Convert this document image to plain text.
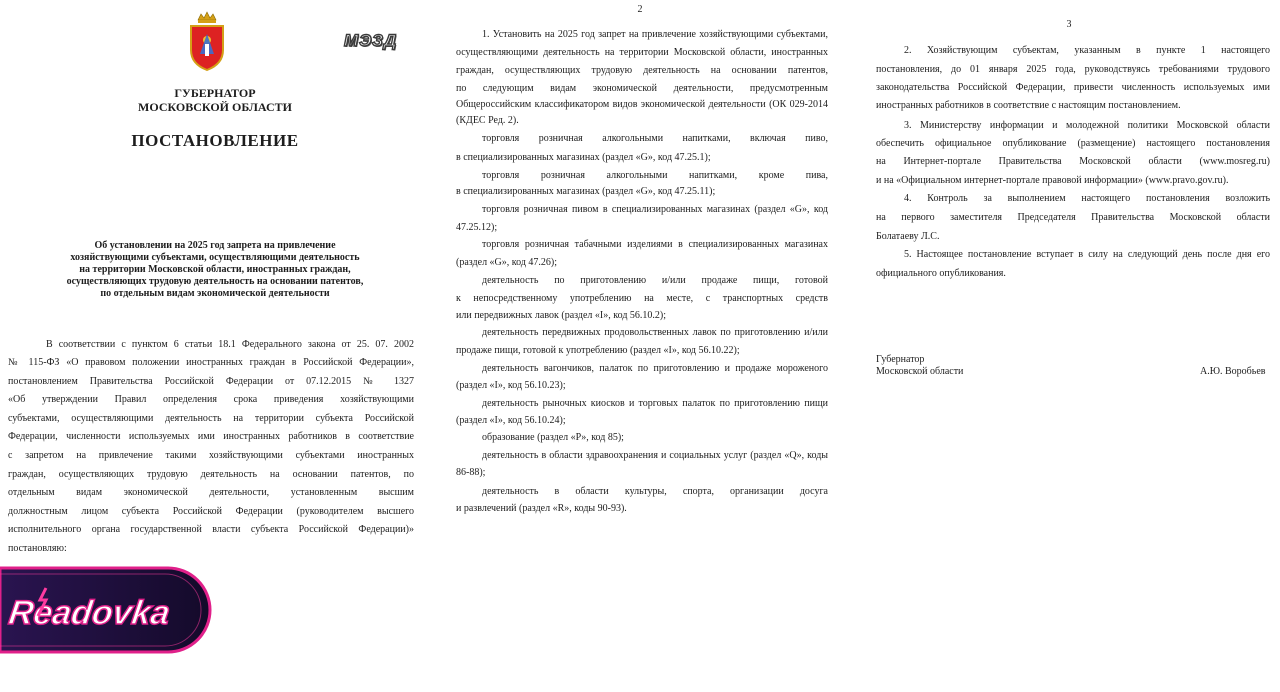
МЭЗД
ГУБЕРНАТОР
МОСКОВСКОЙ ОБЛАСТИ
ПОСТАНОВЛЕНИЕ
Об установлении на 2025 год запрета на привлечение
хозяйствующими субъектами, осуществляющими деятельность
на территории Московской области, иностранных граждан,
осуществляющих трудовую деятельность на основании патентов,
по отдельным видам экономической деятельности
В соответствии с пунктом 6 статьи 18.1 Федерального закона от 25. 07. 2002
№ 115-ФЗ «О правовом положении иностранных граждан в Российской Федерации»,
постановлением Правительства Российской Федерации от 07.12.2015 № 1327
«Об утверждении Правил определения срока приведения хозяйствующими
субъектами, осуществляющими деятельность на территории субъекта Российской
Федерации, численности используемых ими иностранных работников в соответствие
с запретом на привлечение такими хозяйствующими субъектами иностранных
граждан, осуществляющих трудовую деятельность на основании патентов, по
отдельным видам экономической деятельности, установленным высшим
должностным лицом субъекта Российской Федерации (руководителем высшего
исполнительного органа государственной власти субъекта Российской Федерации)»
постановляю:
2
1. Установить на 2025 год запрет на привлечение хозяйствующими субъектами,
осуществляющими деятельность на территории Московской области, иностранных
граждан, осуществляющих трудовую деятельность на основании патентов,
по следующим видам экономической деятельности, предусмотренным
Общероссийским классификатором видов экономической деятельности (ОК 029-2014
(КДЕС Ред. 2).
торговля розничная алкогольными напитками, включая пиво,
в специализированных магазинах (раздел «G», код 47.25.1);
торговля розничная алкогольными напитками, кроме пива,
в специализированных магазинах (раздел «G», код 47.25.11);
торговля розничная пивом в специализированных магазинах (раздел «G», код
47.25.12);
торговля розничная табачными изделиями в специализированных магазинах
(раздел «G», код 47.26);
деятельность по приготовлению и/или продаже пищи, готовой
к непосредственному употреблению на месте, с транспортных средств
или передвижных лавок (раздел «I», код 56.10.2);
деятельность передвижных продовольственных лавок по приготовлению и/или
продаже пищи, готовой к употреблению (раздел «I», код 56.10.22);
деятельность вагончиков, палаток по приготовлению и продаже мороженого
(раздел «I», код 56.10.23);
деятельность рыночных киосков и торговых палаток по приготовлению пищи
(раздел «I», код 56.10.24);
образование (раздел «P», код 85);
деятельность в области здравоохранения и социальных услуг (раздел «Q», коды
86-88);
деятельность в области культуры, спорта, организации досуга
и развлечений (раздел «R», коды 90-93).
3
2. Хозяйствующим субъектам, указанным в пункте 1 настоящего
постановления, до 01 января 2025 года, руководствуясь требованиями трудового
законодательства Российской Федерации, привести численность используемых ими
иностранных работников в соответствие с настоящим постановлением.
3. Министерству информации и молодежной политики Московской области
обеспечить официальное опубликование (размещение) настоящего постановления
на Интернет-портале Правительства Московской области (www.mosreg.ru)
и на «Официальном интернет-портале правовой информации» (www.pravo.gov.ru).
4. Контроль за выполнением настоящего постановления возложить
на первого заместителя Председателя Правительства Московской области
Болатаеву Л.С.
5. Настоящее постановление вступает в силу на следующий день после дня его
официального опубликования.
Губернатор
Московской области	А.Ю. Воробьев
Readovka
